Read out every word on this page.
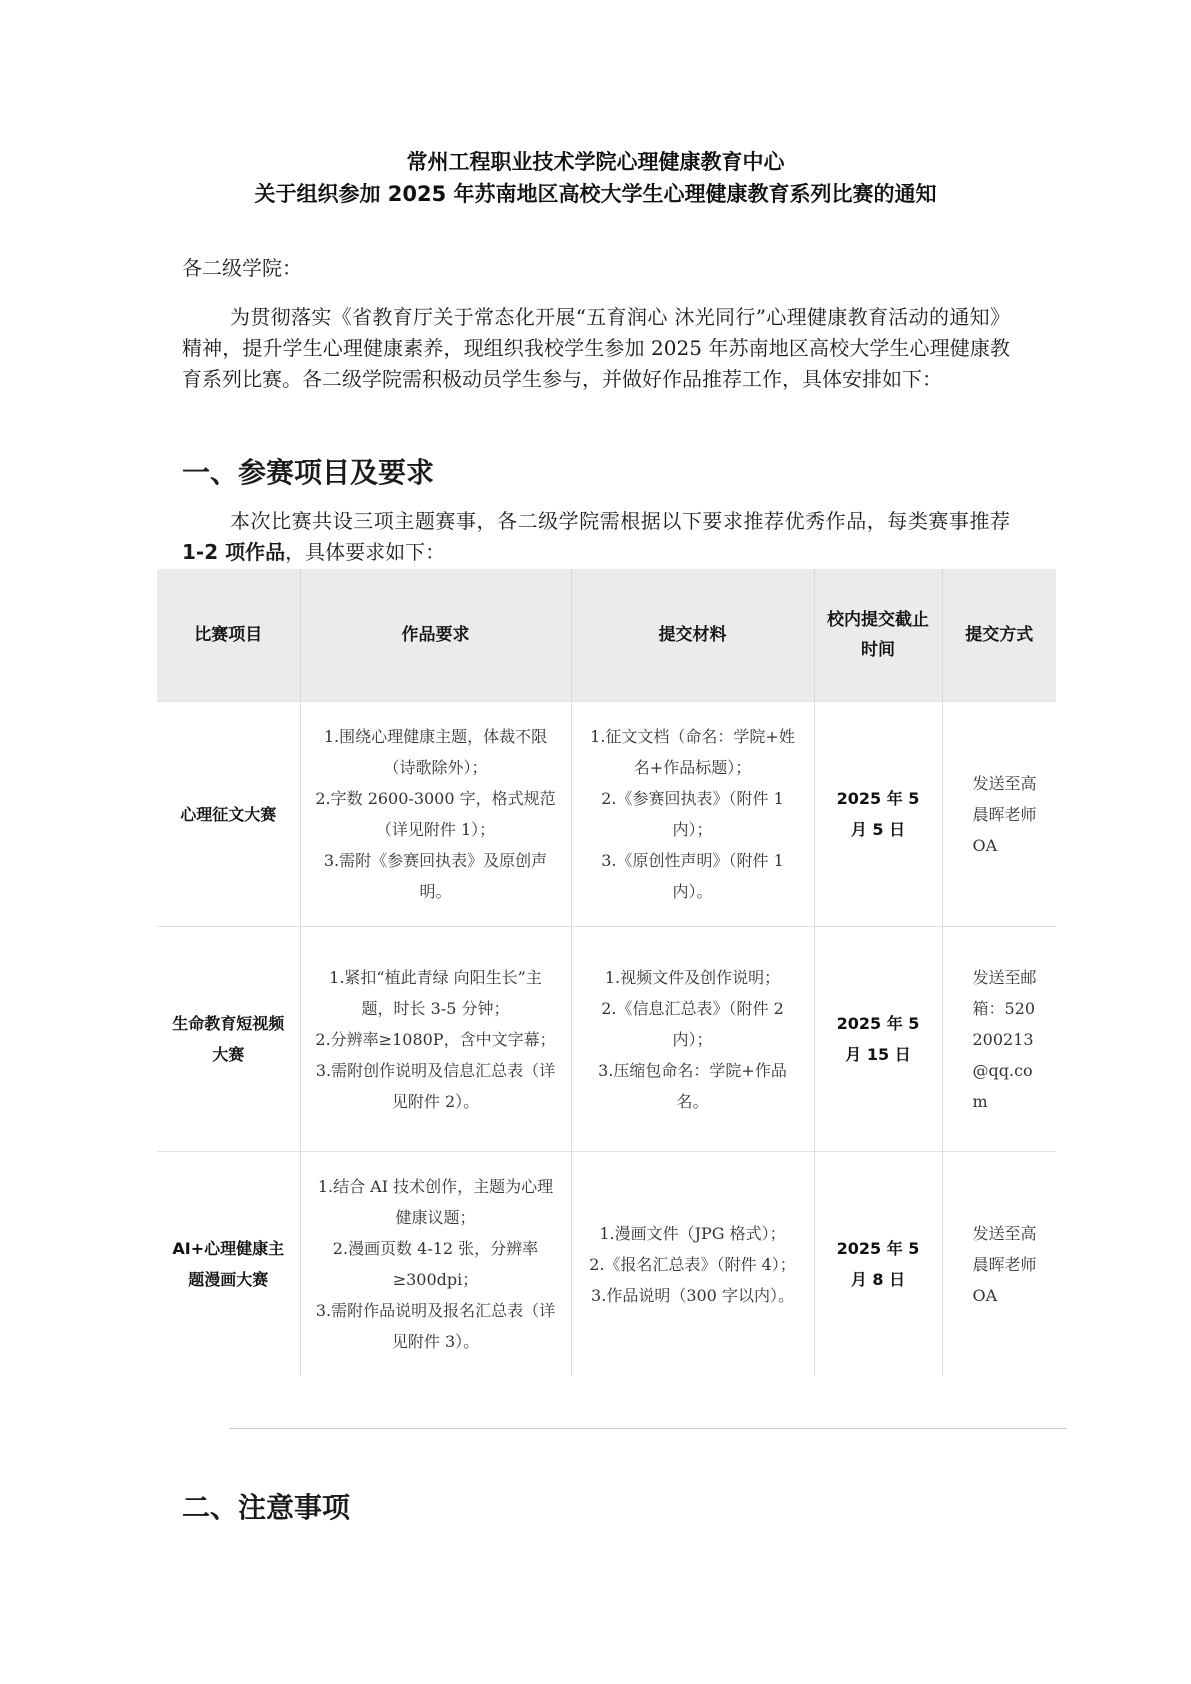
常州工程职业技术学院心理健康教育中心
关于组织参加 2025 年苏南地区高校大学生心理健康教育系列比赛的通知
各二级学院：
为贯彻落实《省教育厅关于常态化开展“五育润心 沐光同行”心理健康教育活动的通知》精神，提升学生心理健康素养，现组织我校学生参加 2025 年苏南地区高校大学生心理健康教育系列比赛。各二级学院需积极动员学生参与，并做好作品推荐工作，具体安排如下：
一、参赛项目及要求
本次比赛共设三项主题赛事，各二级学院需根据以下要求推荐优秀作品，每类赛事推荐 1-2 项作品，具体要求如下：
比赛项目	作品要求	提交材料	校内提交截止时间	提交方式
心理征文大赛	1.围绕心理健康主题，体裁不限（诗歌除外）；
2.字数 2600-3000 字，格式规范（详见附件 1）；
3.需附《参赛回执表》及原创声明。	1.征文文档（命名：学院+姓名+作品标题）；
2.《参赛回执表》（附件 1 内）；
3.《原创性声明》（附件 1 内）。	2025 年 5 月 5 日	发送至高晨晖老师 OA
生命教育短视频大赛	1.紧扣“植此青绿 向阳生长”主题，时长 3-5 分钟；
2.分辨率≥1080P，含中文字幕；
3.需附创作说明及信息汇总表（详见附件 2）。	1.视频文件及创作说明；
2.《信息汇总表》（附件 2 内）；
3.压缩包命名：学院+作品名。	2025 年 5 月 15 日	发送至邮箱：520200213@qq.com
AI+心理健康主题漫画大赛	1.结合 AI 技术创作，主题为心理健康议题；
2.漫画页数 4-12 张，分辨率≥300dpi；
3.需附作品说明及报名汇总表（详见附件 3）。	1.漫画文件（JPG 格式）；
2.《报名汇总表》（附件 4）；
3.作品说明（300 字以内）。	2025 年 5 月 8 日	发送至高晨晖老师 OA
二、注意事项
